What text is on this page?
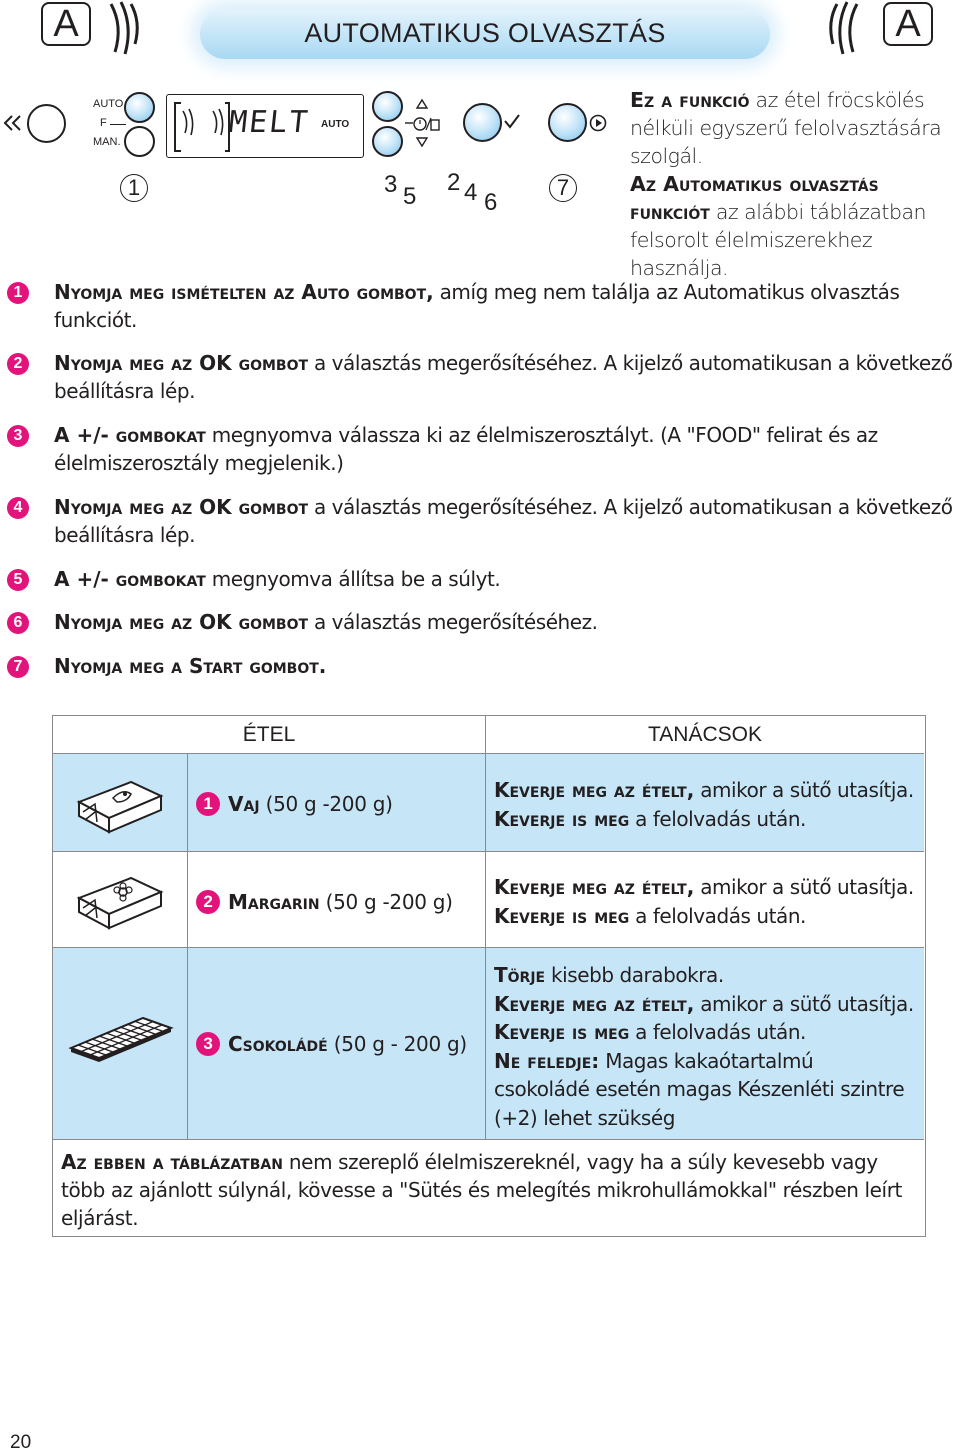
A	AUTOMATIKUS OLVASZTÁS	A
AUTO
F
MAN.
MELT AUTO
1	3 5
2 4 6
7

Ez a funkció az étel fröcskölés nélküli egyszerű felolvasztására szolgál.

Az Automatikus olvasztás funkciót az alábbi táblázatban felsorolt élelmiszerekhez használja.

1	Nyomja meg ismételten az Auto gombot, amíg meg nem találja az Automatikus olvasztás funkciót.
2	Nyomja meg az OK gombot a választás megerősítéséhez. A kijelző automatikusan a következő beállításra lép.
3	A +/- gombokat megnyomva válassza ki az élelmiszerosztályt. (A "FOOD" felirat és az élelmiszerosztály megjelenik.)
4	Nyomja meg az OK gombot a választás megerősítéséhez. A kijelző automatikusan a következő beállításra lép.
5	A +/- gombokat megnyomva állítsa be a súlyt.
6	Nyomja meg az OK gombot a választás megerősítéséhez.
7	Nyomja meg a Start gombot.
ÉTEL	TANÁCSOK
1 Vaj (50 g -200 g)
Keverje meg az ételt, amikor a sütő utasítja.
Keverje is meg a felolvadás után.
2 Margarin (50 g -200 g)
Keverje meg az ételt, amikor a sütő utasítja.
Keverje is meg a felolvadás után.
3 Csokoládé (50 g - 200 g)
Törje kisebb darabokra.
Keverje meg az ételt, amikor a sütő utasítja.
Keverje is meg a felolvadás után.
Ne feledje: Magas kakaótartalmú csokoládé esetén magas Készenléti szintre (+2) lehet szükség
Az ebben a táblázatban nem szereplő élelmiszereknél, vagy ha a súly kevesebb vagy több az ajánlott súlynál, kövesse a "Sütés és melegítés mikrohullámokkal" részben leírt eljárást.
20
